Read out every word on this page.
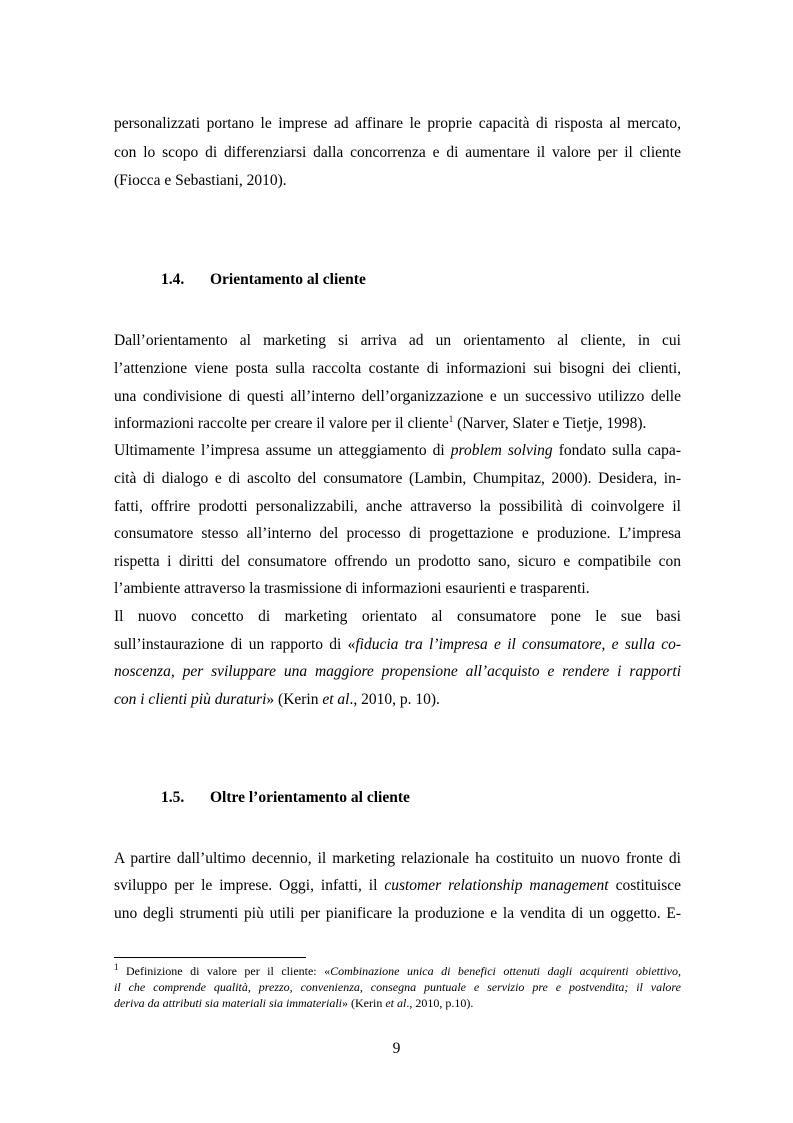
personalizzati portano le imprese ad affinare le proprie capacità di risposta al mercato,
con lo scopo di differenziarsi dalla concorrenza e di aumentare il valore per il cliente
(Fiocca e Sebastiani, 2010).
1.4. Orientamento al cliente
Dall’orientamento al marketing si arriva ad un orientamento al cliente, in cui
l’attenzione viene posta sulla raccolta costante di informazioni sui bisogni dei clienti,
una condivisione di questi all’interno dell’organizzazione e un successivo utilizzo delle
informazioni raccolte per creare il valore per il cliente$^1$ (Narver, Slater e Tietje, 1998).
Ultimamente l’impresa assume un atteggiamento di problem solving fondato sulla capa-
cità di dialogo e di ascolto del consumatore (Lambin, Chumpitaz, 2000). Desidera, in-
fatti, offrire prodotti personalizzabili, anche attraverso la possibilità di coinvolgere il
consumatore stesso all’interno del processo di progettazione e produzione. L’impresa
rispetta i diritti del consumatore offrendo un prodotto sano, sicuro e compatibile con
l’ambiente attraverso la trasmissione di informazioni esaurienti e trasparenti.
Il nuovo concetto di marketing orientato al consumatore pone le sue basi
sull’instaurazione di un rapporto di «fiducia tra l’impresa e il consumatore, e sulla co-
noscenza, per sviluppare una maggiore propensione all’acquisto e rendere i rapporti
con i clienti più duraturi» (Kerin et al., 2010, p. 10).
1.5. Oltre l’orientamento al cliente
A partire dall’ultimo decennio, il marketing relazionale ha costituito un nuovo fronte di
sviluppo per le imprese. Oggi, infatti, il customer relationship management costituisce
uno degli strumenti più utili per pianificare la produzione e la vendita di un oggetto. E-
$^1$ Definizione di valore per il cliente: «Combinazione unica di benefici ottenuti dagli acquirenti obiettivo,
il che comprende qualità, prezzo, convenienza, consegna puntuale e servizio pre e postvendita; il valore
deriva da attributi sia materiali sia immateriali» (Kerin et al., 2010, p.10).
9
